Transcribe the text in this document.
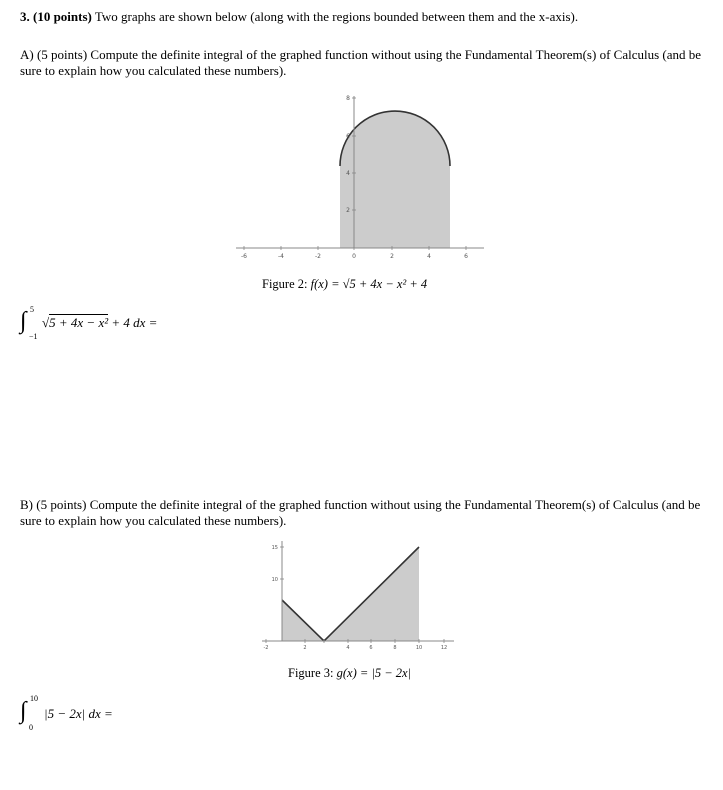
3. (10 points) Two graphs are shown below (along with the regions bounded between them and the x-axis).
A) (5 points) Compute the definite integral of the graphed function without using the Fundamental Theorem(s) of Calculus (and be sure to explain how you calculated these numbers).
-6	-4	-2	0	2	4	6
2
4
6
8
Figure 2: f(x) = √5 + 4x − x² + 4
∫ 5
−1
√5 + 4x − x² + 4 dx =
B) (5 points) Compute the definite integral of the graphed function without using the Fundamental Theorem(s) of Calculus (and be sure to explain how you calculated these numbers).
-2	2	4	6	8	10	12
10
15
Figure 3: g(x) = |5 − 2x|
∫ 10
0
|5 − 2x| dx =
